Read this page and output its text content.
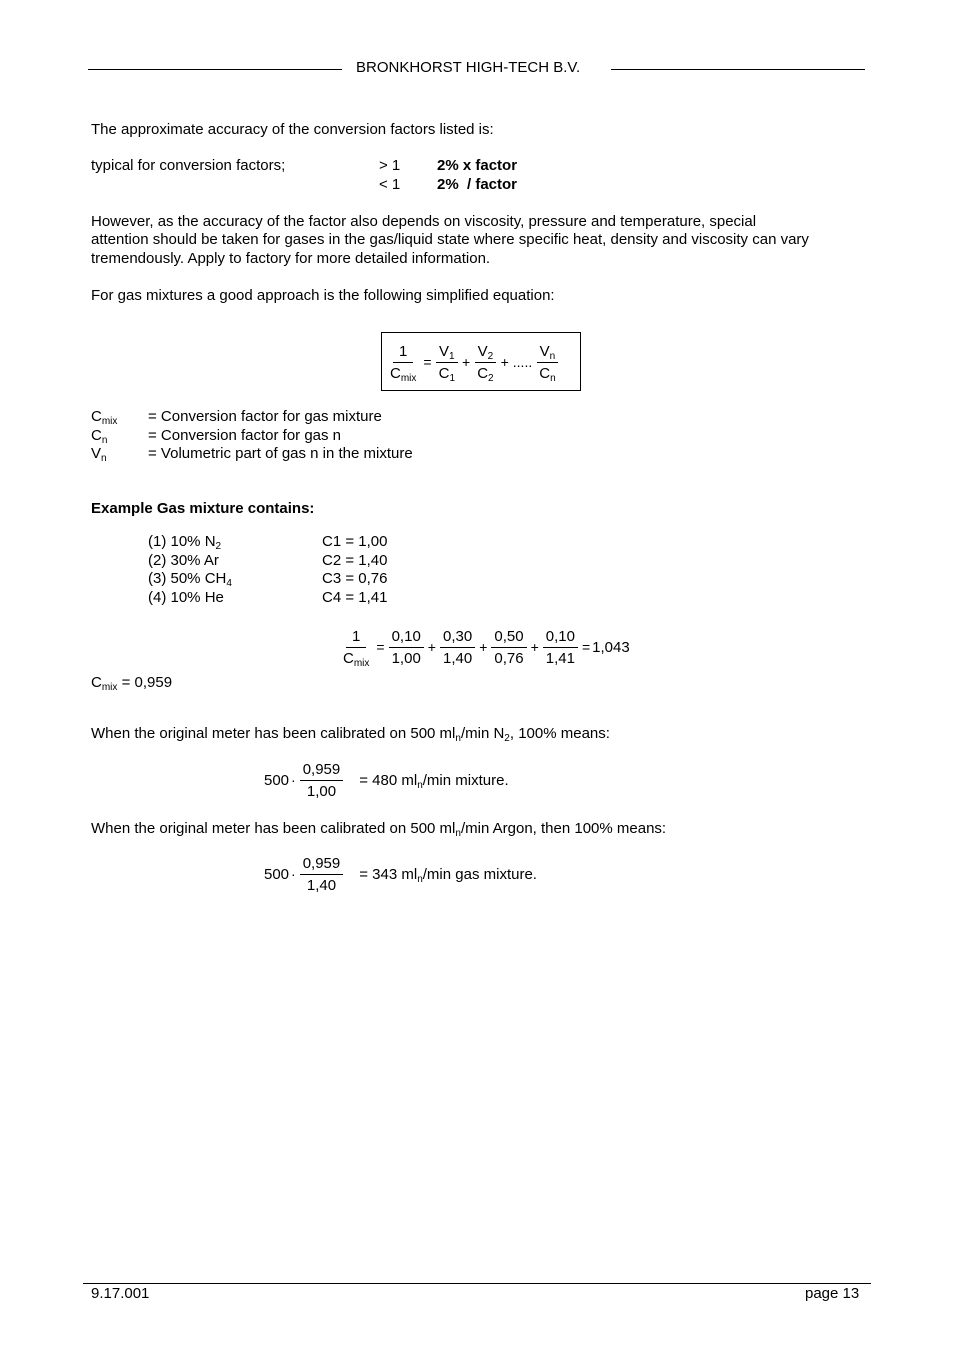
BRONKHORST HIGH-TECH B.V.
The approximate accuracy of the conversion factors listed is:
typical for conversion factors;	> 1 2% x factor
< 1 2%  / factor
However, as the accuracy of the factor also depends on viscosity, pressure and temperature, special
attention should be taken for gases in the gas/liquid state where specific heat, density and viscosity can vary
tremendously. Apply to factory for more detailed information.
For gas mixtures a good approach is the following simplified equation:
$\frac{1}{C_{mix}} = \frac{V_1}{C_1} + \frac{V_2}{C_2}$ + ..... $\frac{V_n}{C_n}$
$C_{mix}$ = Conversion factor for gas mixture
$C_n$	= Conversion factor for gas n
$V_n$	= Volumetric part of gas n in the mixture
Example Gas mixture contains:
(1) 10% $N_2$	C1 = 1,00
(2) 30% Ar	C2 = 1,40
(3) 50% $CH_4$	C3 = 0,76
(4) 10% He	C4 = 1,41
$\frac{1}{C_{mix}} = \frac{0,10}{1,00} + \frac{0,30}{1,40} + \frac{0,50}{0,76} + \frac{0,10}{1,41} = 1,043$
$C_{mix} = 0,959$
When the original meter has been calibrated on 500 $ml_n/\min$ $N_2$, 100% means:
$500 \cdot \frac{0,959}{1,00} = 480$ $ml_n/\min$ mixture.
When the original meter has been calibrated on 500 $ml_n/\min$ Argon, then 100% means:
$500 \cdot \frac{0,959}{1,40} = 343$ $ml_n/\min$ gas mixture.
9.17.001	page 13
